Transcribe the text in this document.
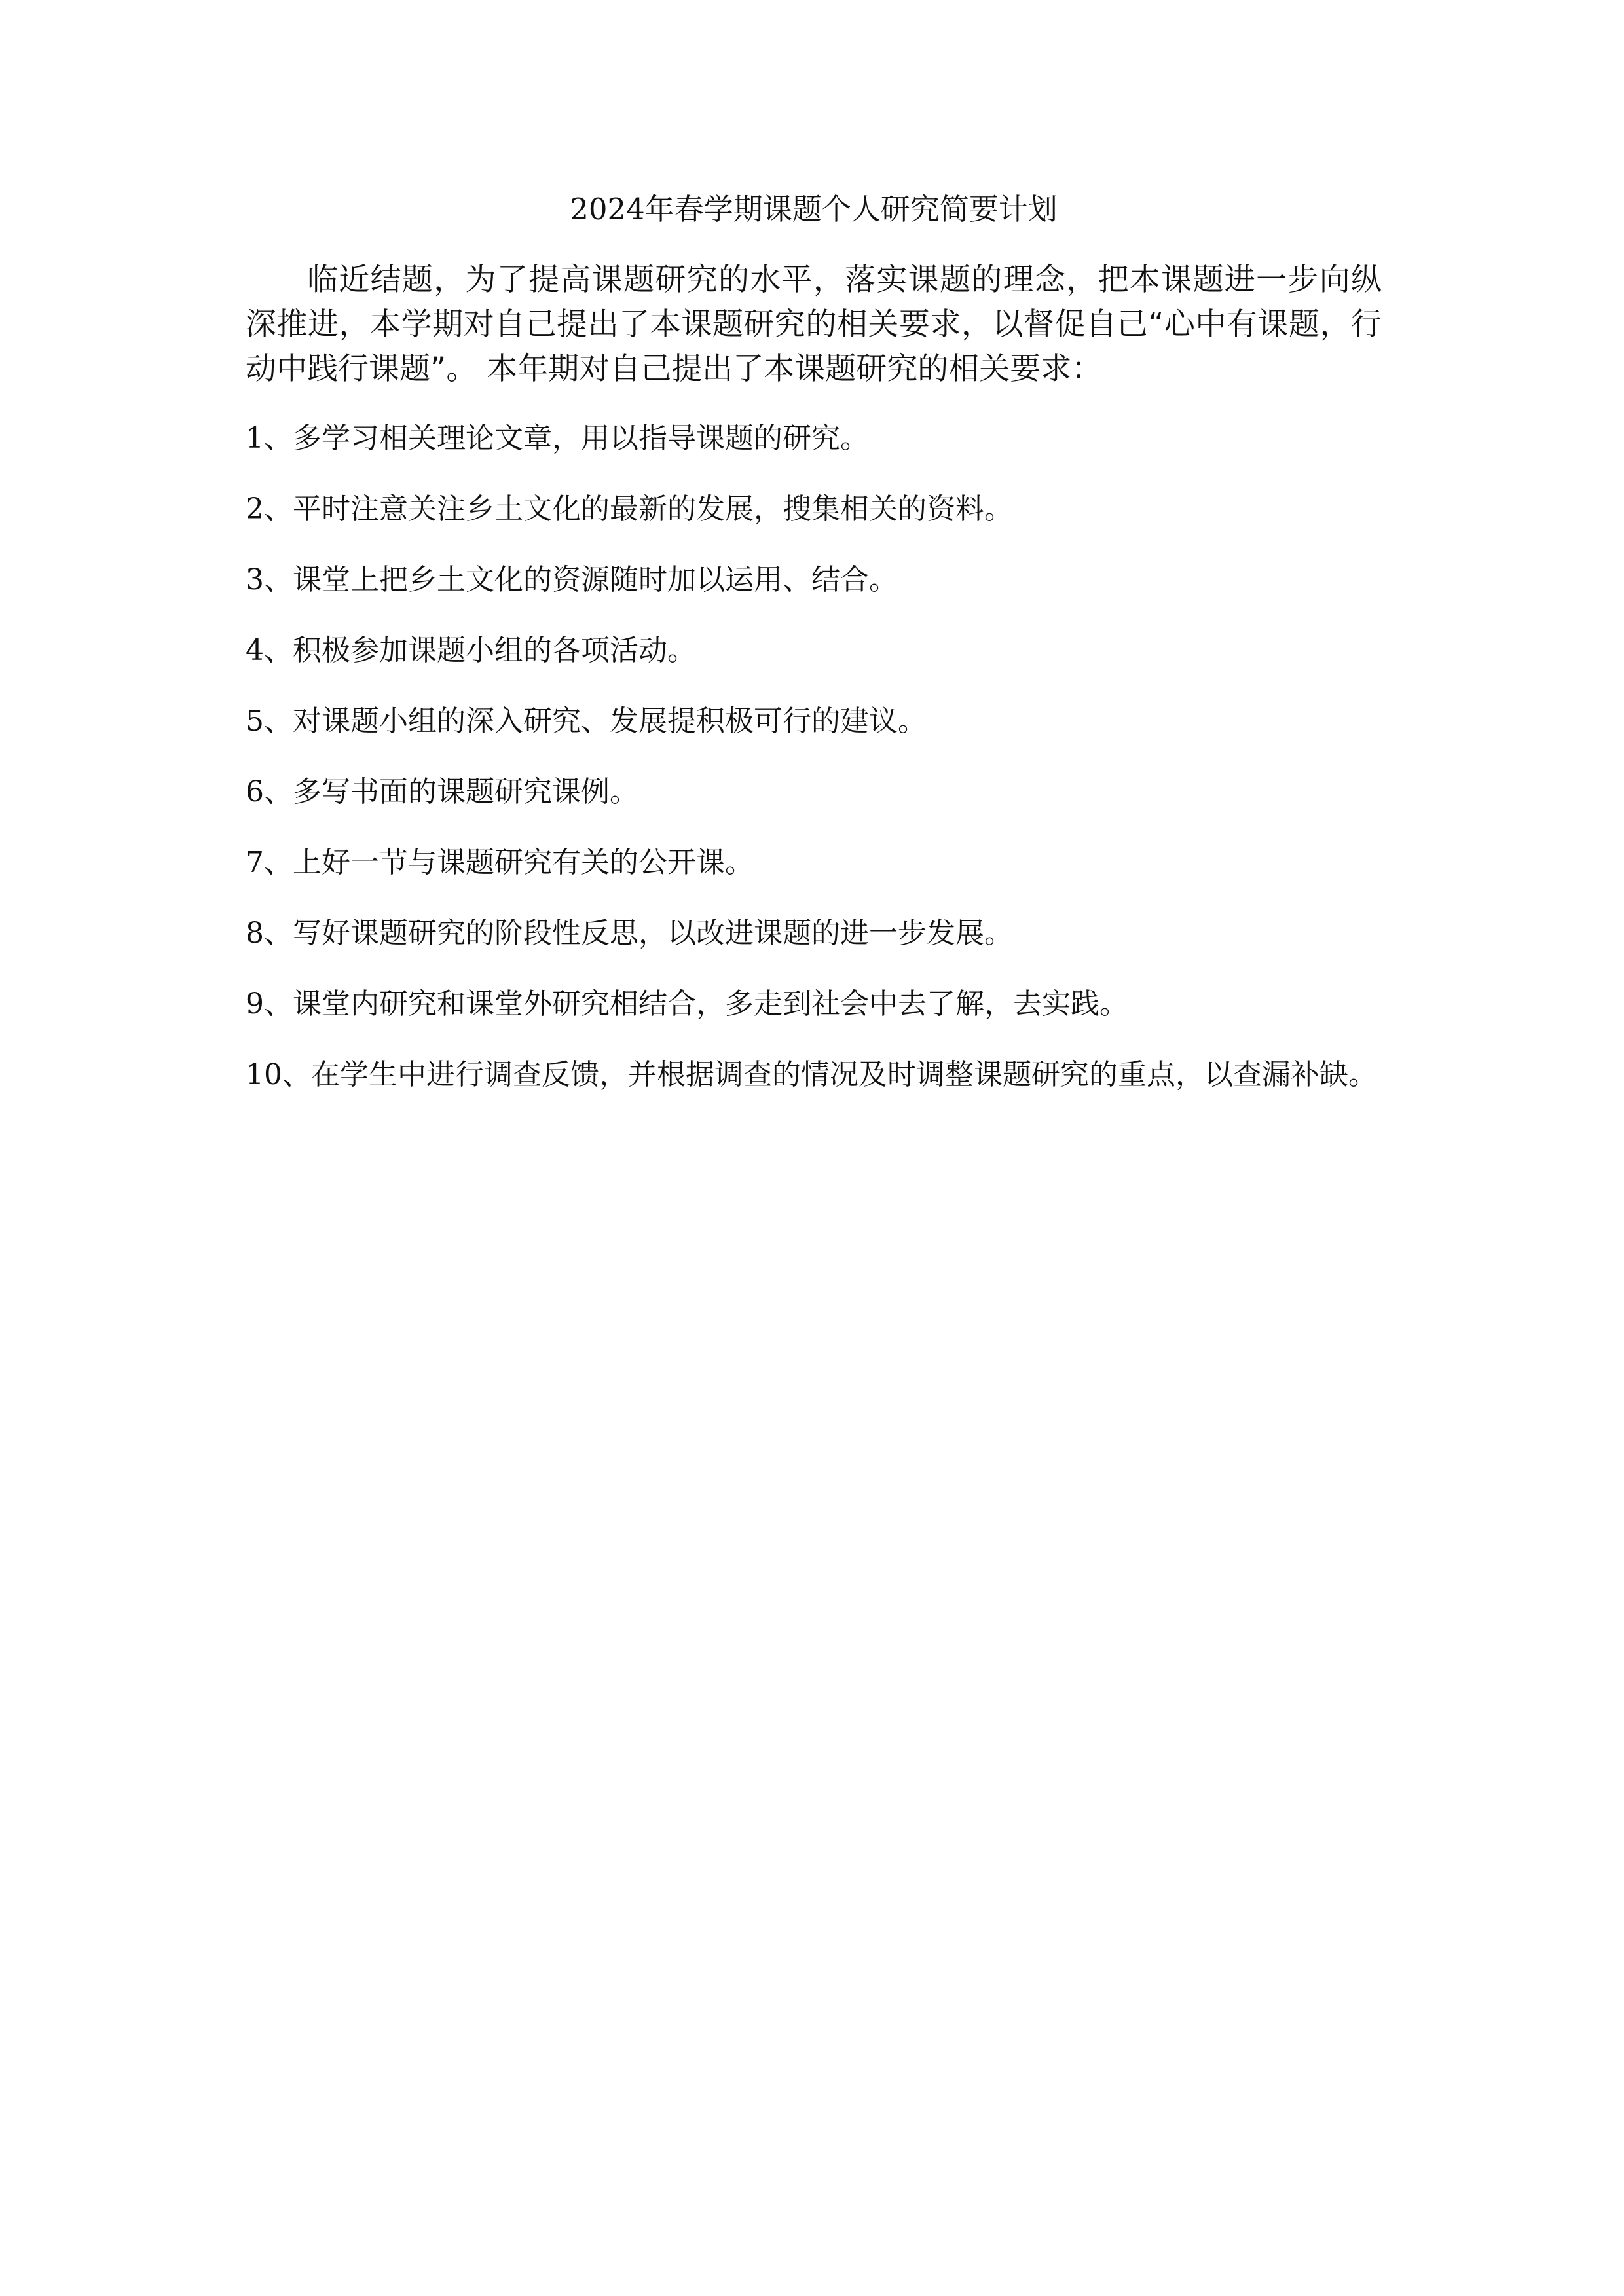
2024年春学期课题个人研究简要计划

临近结题，为了提高课题研究的水平，落实课题的理念，把本课题进一步向纵深推进，本学期对自己提出了本课题研究的相关要求，以督促自己“心中有课题，行动中践行课题”。 本年期对自己提出了本课题研究的相关要求：

1、多学习相关理论文章，用以指导课题的研究。
2、平时注意关注乡土文化的最新的发展，搜集相关的资料。
3、课堂上把乡土文化的资源随时加以运用、结合。
4、积极参加课题小组的各项活动。
5、对课题小组的深入研究、发展提积极可行的建议。
6、多写书面的课题研究课例。
7、上好一节与课题研究有关的公开课。
8、写好课题研究的阶段性反思，以改进课题的进一步发展。
9、课堂内研究和课堂外研究相结合，多走到社会中去了解，去实践。
10、在学生中进行调查反馈，并根据调查的情况及时调整课题研究的重点，以查漏补缺。
